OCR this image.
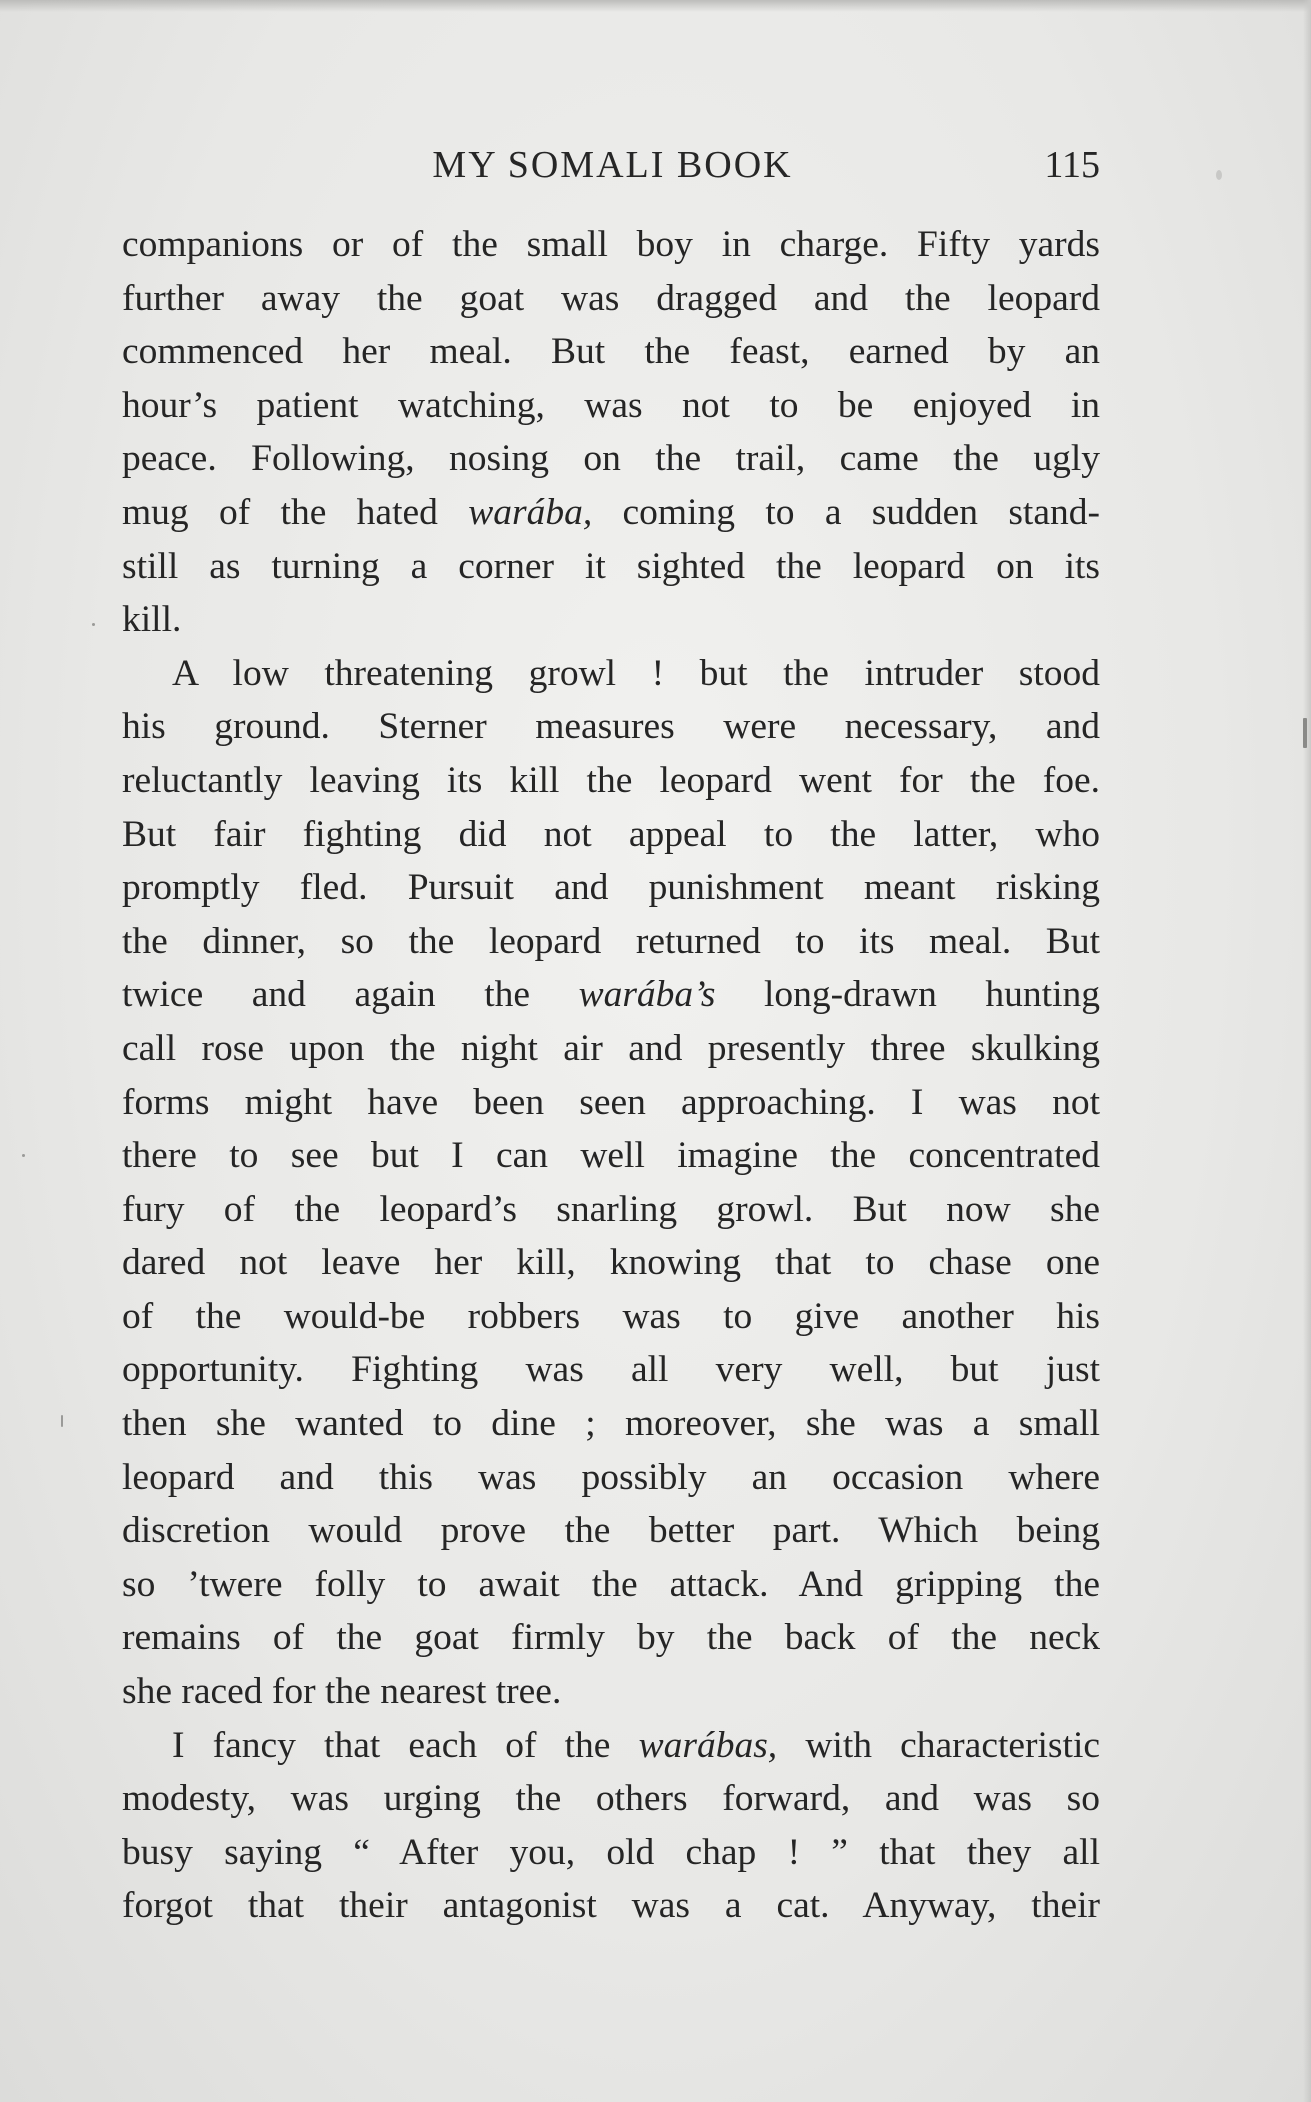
MY SOMALI BOOK	115
companions or of the small boy in charge. Fifty yards
further away the goat was dragged and the leopard
commenced her meal. But the feast, earned by an
hour’s patient watching, was not to be enjoyed in
peace. Following, nosing on the trail, came the ugly
mug of the hated warába, coming to a sudden stand-
still as turning a corner it sighted the leopard on its
kill.
A low threatening growl ! but the intruder stood
his ground. Sterner measures were necessary, and
reluctantly leaving its kill the leopard went for the foe.
But fair fighting did not appeal to the latter, who
promptly fled. Pursuit and punishment meant risking
the dinner, so the leopard returned to its meal. But
twice and again the warába’s long-drawn hunting
call rose upon the night air and presently three skulking
forms might have been seen approaching. I was not
there to see but I can well imagine the concentrated
fury of the leopard’s snarling growl. But now she
dared not leave her kill, knowing that to chase one
of the would-be robbers was to give another his
opportunity. Fighting was all very well, but just
then she wanted to dine ; moreover, she was a small
leopard and this was possibly an occasion where
discretion would prove the better part. Which being
so ’twere folly to await the attack. And gripping the
remains of the goat firmly by the back of the neck
she raced for the nearest tree.
I fancy that each of the warábas, with characteristic
modesty, was urging the others forward, and was so
busy saying “ After you, old chap ! ” that they all
forgot that their antagonist was a cat. Anyway, their
